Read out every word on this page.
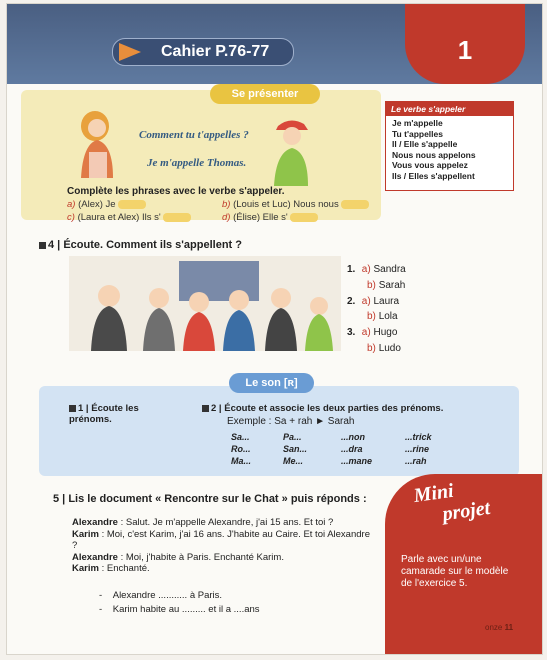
Cahier P.76-77	1
Se présenter
Comment tu t'appelles ?
Je m'appelle Thomas.
Complète les phrases avec le verbe s'appeler.
a) (Alex) Je	b) (Louis et Luc) Nous nous
c) (Laura et Alex) Ils s'	d) (Élise) Elle s'
Le verbe s'appeler
Je m'appelle
Tu t'appelles
Il / Elle s'appelle
Nous nous appelons
Vous vous appelez
Ils / Elles s'appellent
4 | Écoute. Comment ils s'appellent ?
1. a) Sandra
b) Sarah
2. a) Laura
b) Lola
3. a) Hugo
b) Ludo
Le son [ʀ]
1 | Écoute les prénoms.
2 | Écoute et associe les deux parties des prénoms.
Exemple : Sa + rah ► Sarah
Sa...	Pa...	...non	...trick
Ro...	San...	...dra	...rine
Ma...	Me...	...mane	...rah
5 | Lis le document « Rencontre sur le Chat » puis réponds :
Alexandre : Salut. Je m'appelle Alexandre, j'ai 15 ans. Et toi ?
Karim : Moi, c'est Karim, j'ai 16 ans. J'habite au Caire. Et toi Alexandre ?
Alexandre : Moi, j'habite à Paris. Enchanté Karim.
Karim : Enchanté.
-    Alexandre ........... à Paris.
-    Karim habite au ......... et il a ....ans
Mini
projet
Parle avec un/une camarade sur le modèle de l'exercice 5.
onze 11
